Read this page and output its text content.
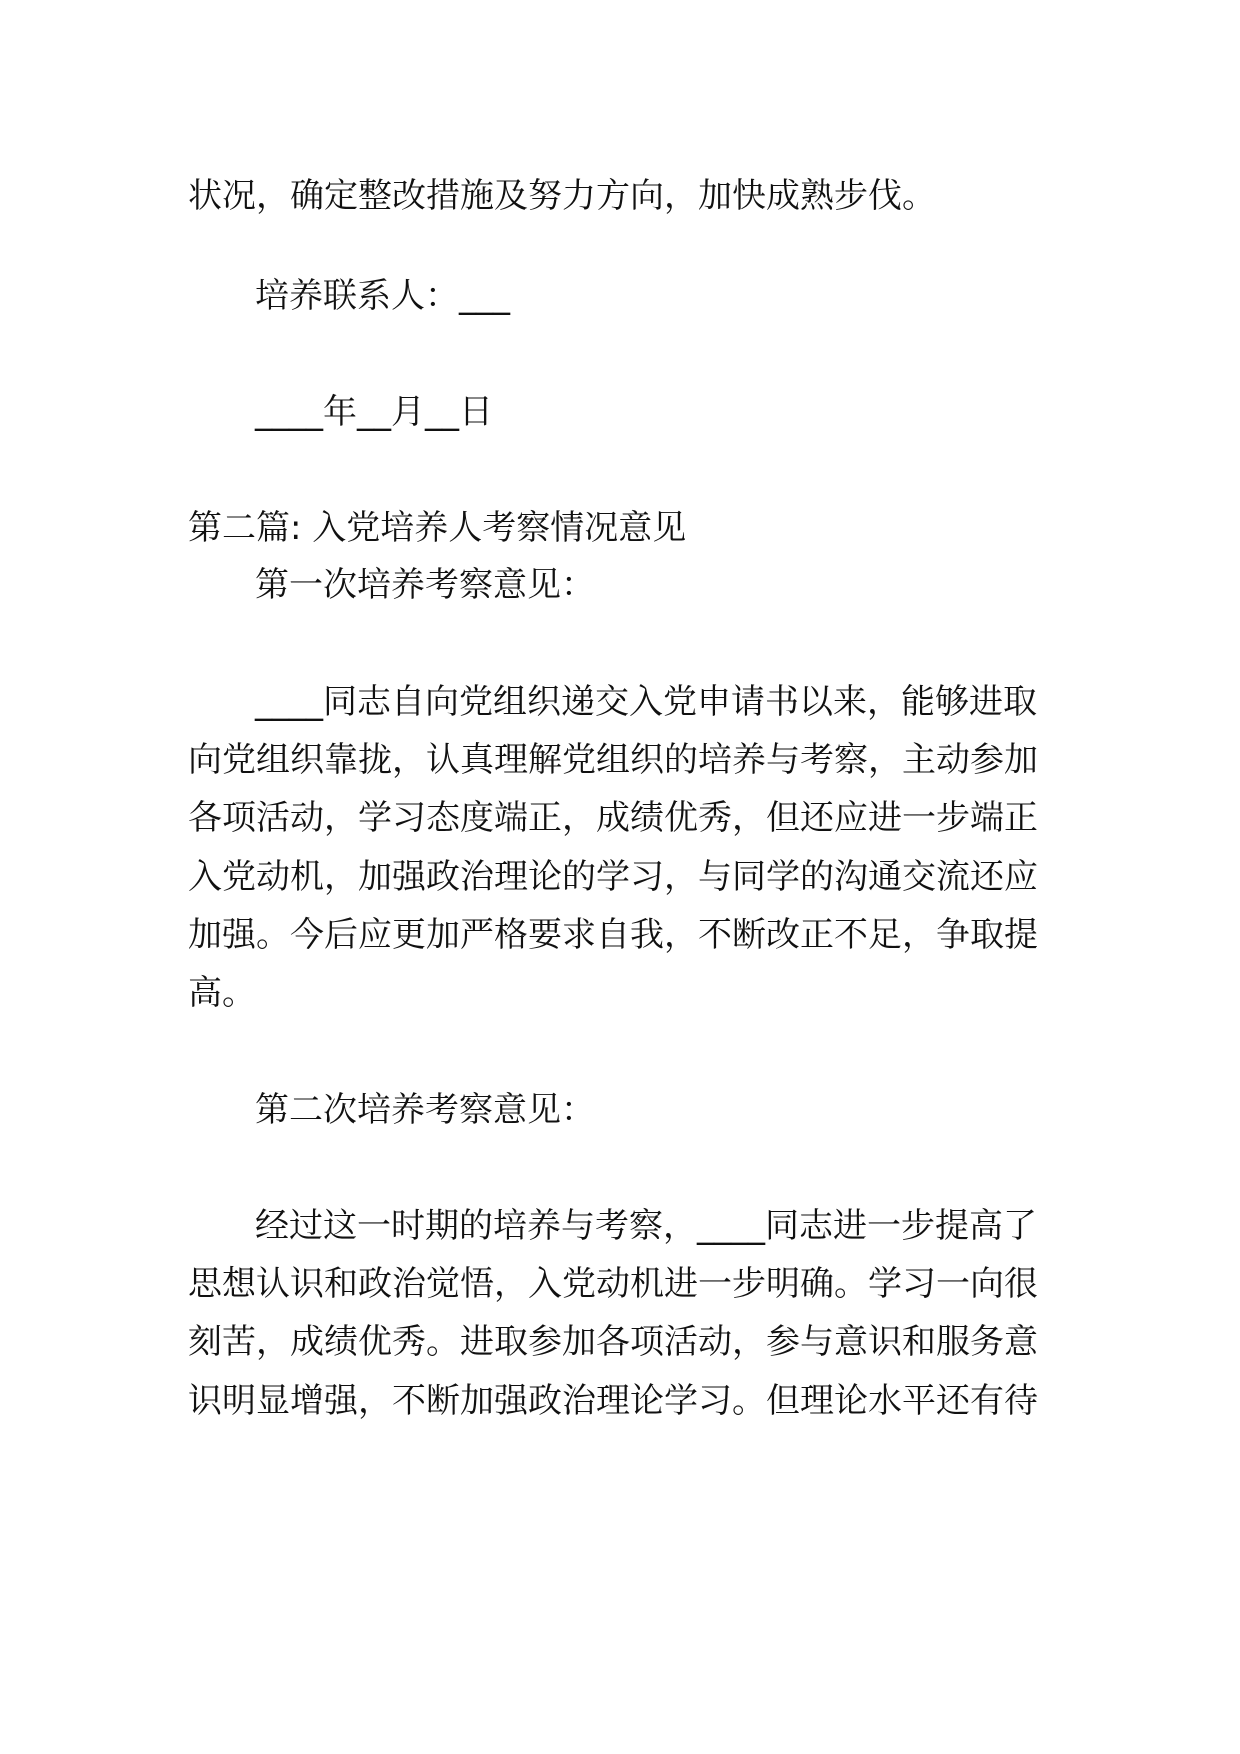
状况，确定整改措施及努力方向，加快成熟步伐。
培养联系人：___
____年__月__日
第二篇: 入党培养人考察情况意见
第一次培养考察意见：
____同志自向党组织递交入党申请书以来，能够进取
向党组织靠拢，认真理解党组织的培养与考察，主动参加
各项活动，学习态度端正，成绩优秀，但还应进一步端正
入党动机，加强政治理论的学习，与同学的沟通交流还应
加强。今后应更加严格要求自我，不断改正不足，争取提
高。
第二次培养考察意见：
经过这一时期的培养与考察，____同志进一步提高了
思想认识和政治觉悟，入党动机进一步明确。学习一向很
刻苦，成绩优秀。进取参加各项活动，参与意识和服务意
识明显增强，不断加强政治理论学习。但理论水平还有待
